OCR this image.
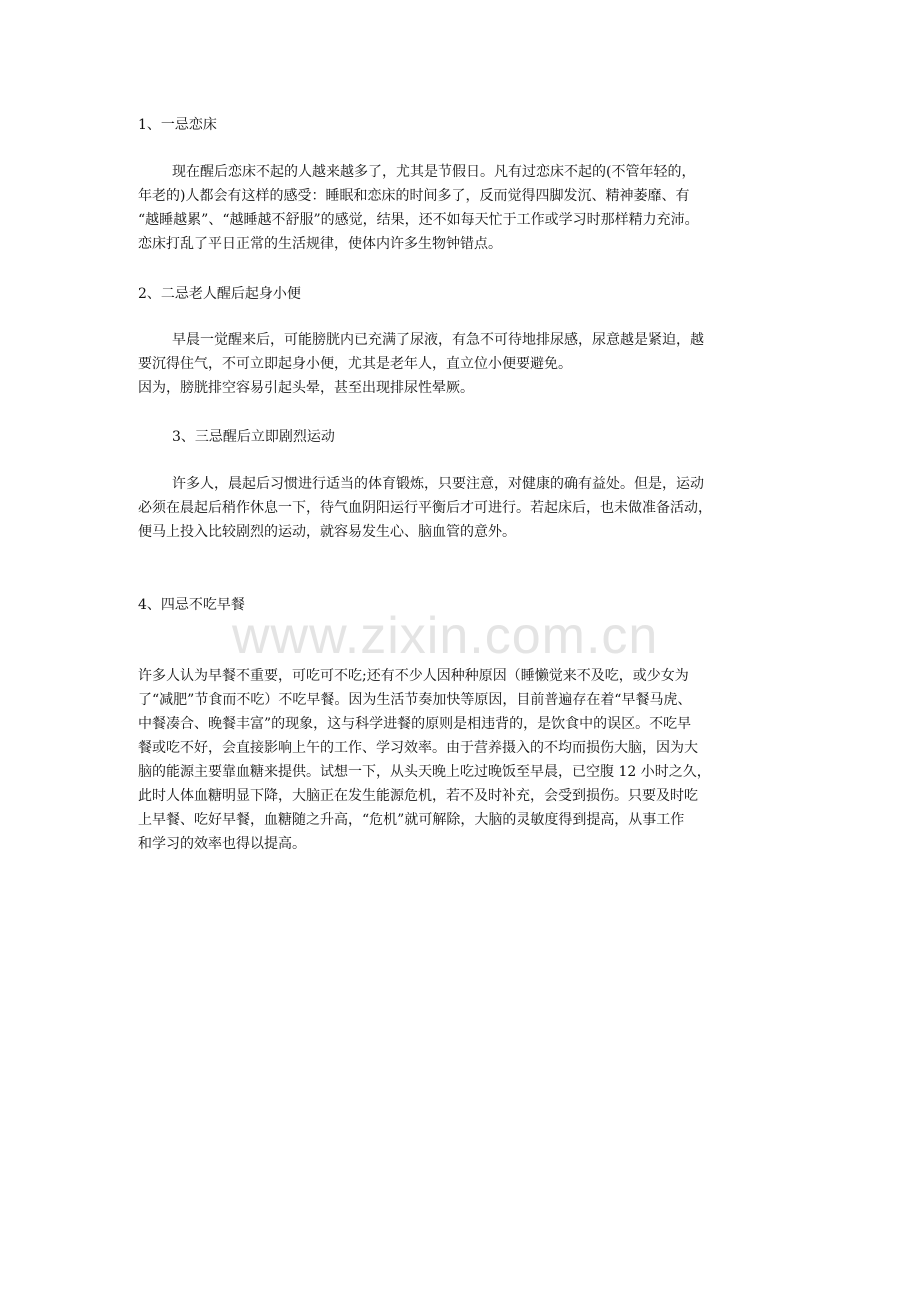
1、一忌恋床
现在醒后恋床不起的人越来越多了，尤其是节假日。凡有过恋床不起的(不管年轻的，
年老的)人都会有这样的感受：睡眠和恋床的时间多了，反而觉得四脚发沉、精神萎靡、有
“越睡越累”、“越睡越不舒服”的感觉，结果，还不如每天忙于工作或学习时那样精力充沛。
恋床打乱了平日正常的生活规律，使体内许多生物钟错点。
2、二忌老人醒后起身小便
早晨一觉醒来后，可能膀胱内已充满了尿液，有急不可待地排尿感，尿意越是紧迫，越
要沉得住气，不可立即起身小便，尤其是老年人，直立位小便要避免。
因为，膀胱排空容易引起头晕，甚至出现排尿性晕厥。
3、三忌醒后立即剧烈运动
许多人，晨起后习惯进行适当的体育锻炼，只要注意，对健康的确有益处。但是，运动
必须在晨起后稍作休息一下，待气血阴阳运行平衡后才可进行。若起床后，也未做准备活动，
便马上投入比较剧烈的运动，就容易发生心、脑血管的意外。
4、四忌不吃早餐
www.zixin.com.cn
许多人认为早餐不重要，可吃可不吃;还有不少人因种种原因（睡懒觉来不及吃，或少女为
了“减肥”节食而不吃）不吃早餐。因为生活节奏加快等原因，目前普遍存在着“早餐马虎、
中餐凑合、晚餐丰富”的现象，这与科学进餐的原则是相违背的，是饮食中的误区。不吃早
餐或吃不好，会直接影响上午的工作、学习效率。由于营养摄入的不均而损伤大脑，因为大
脑的能源主要靠血糖来提供。试想一下，从头天晚上吃过晚饭至早晨，已空腹 12 小时之久，
此时人体血糖明显下降，大脑正在发生能源危机，若不及时补充，会受到损伤。只要及时吃
上早餐、吃好早餐，血糖随之升高，“危机”就可解除，大脑的灵敏度得到提高，从事工作
和学习的效率也得以提高。
